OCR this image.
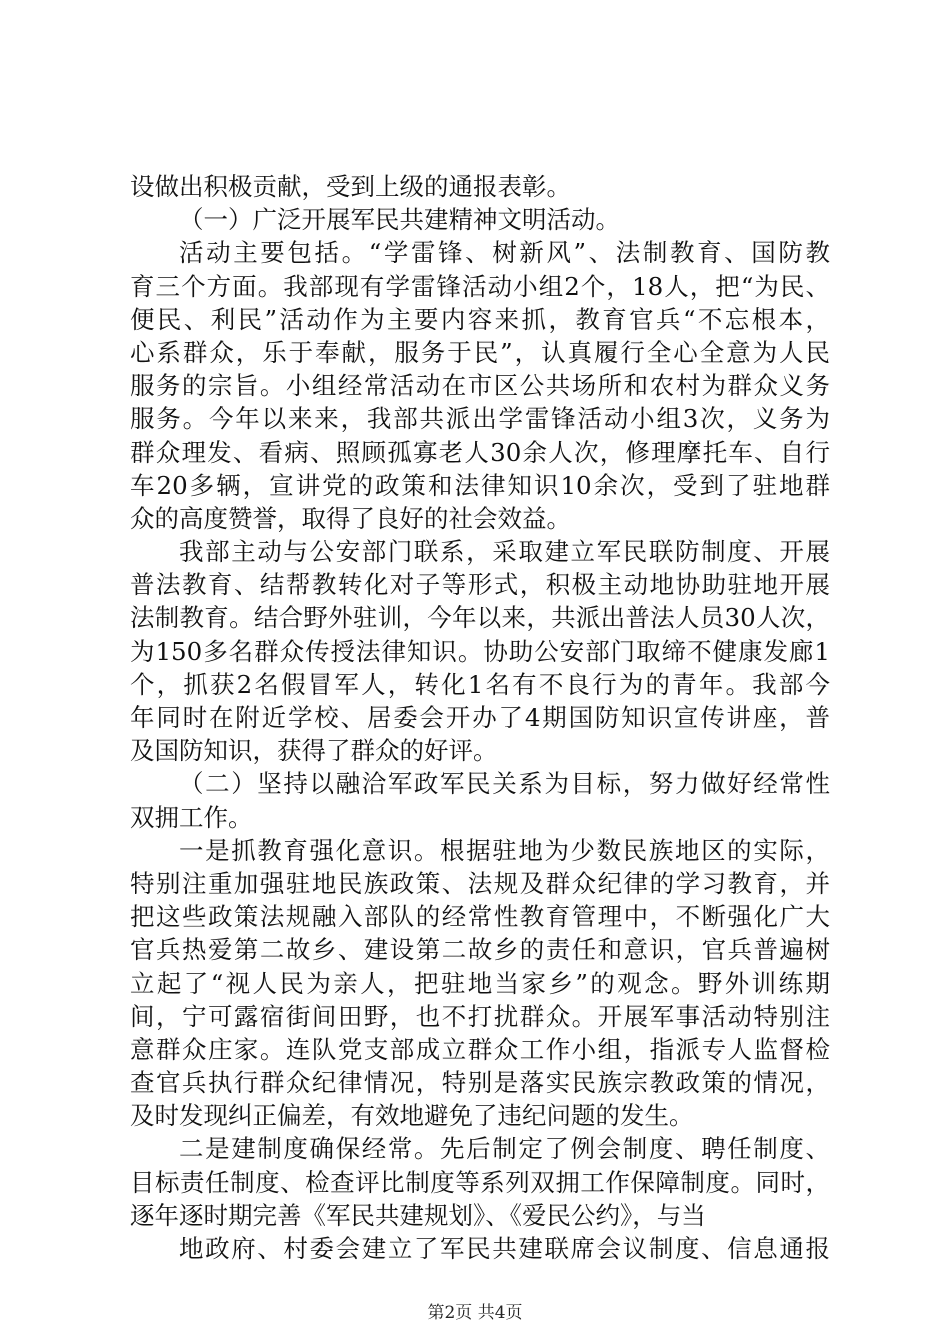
设做出积极贡献，受到上级的通报表彰。
（一）广泛开展军民共建精神文明活动。
活动主要包括。“学雷锋、树新风”、法制教育、国防教
育三个方面。我部现有学雷锋活动小组2个，18人，把“为民、
便民、利民”活动作为主要内容来抓，教育官兵“不忘根本，
心系群众，乐于奉献，服务于民”，认真履行全心全意为人民
服务的宗旨。小组经常活动在市区公共场所和农村为群众义务
服务。今年以来来，我部共派出学雷锋活动小组3次，义务为
群众理发、看病、照顾孤寡老人30余人次，修理摩托车、自行
车20多辆，宣讲党的政策和法律知识10余次，受到了驻地群
众的高度赞誉，取得了良好的社会效益。
我部主动与公安部门联系，采取建立军民联防制度、开展
普法教育、结帮教转化对子等形式，积极主动地协助驻地开展
法制教育。结合野外驻训，今年以来，共派出普法人员30人次，
为150多名群众传授法律知识。协助公安部门取缔不健康发廊1
个，抓获2名假冒军人，转化1名有不良行为的青年。我部今
年同时在附近学校、居委会开办了4期国防知识宣传讲座，普
及国防知识，获得了群众的好评。
（二）坚持以融洽军政军民关系为目标，努力做好经常性
双拥工作。
一是抓教育强化意识。根据驻地为少数民族地区的实际，
特别注重加强驻地民族政策、法规及群众纪律的学习教育，并
把这些政策法规融入部队的经常性教育管理中，不断强化广大
官兵热爱第二故乡、建设第二故乡的责任和意识，官兵普遍树
立起了“视人民为亲人，把驻地当家乡”的观念。野外训练期
间，宁可露宿街间田野，也不打扰群众。开展军事活动特别注
意群众庄家。连队党支部成立群众工作小组，指派专人监督检
查官兵执行群众纪律情况，特别是落实民族宗教政策的情况，
及时发现纠正偏差，有效地避免了违纪问题的发生。
二是建制度确保经常。先后制定了例会制度、聘任制度、
目标责任制度、检查评比制度等系列双拥工作保障制度。同时，
逐年逐时期完善《军民共建规划》、《爱民公约》，与当
地政府、村委会建立了军民共建联席会议制度、信息通报
第2页 共4页
